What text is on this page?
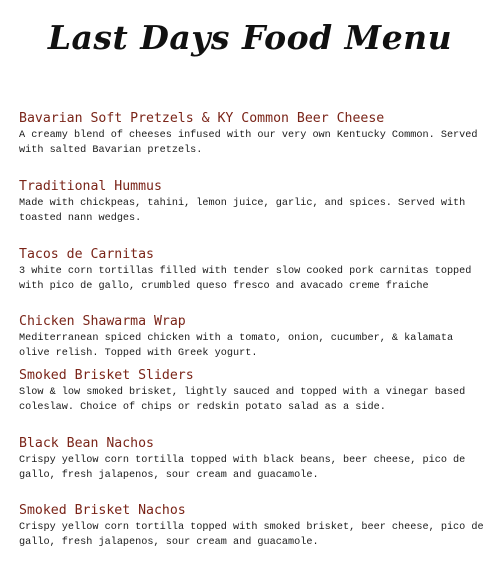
Last Days Food Menu

Bavarian Soft Pretzels & KY Common Beer Cheese

A creamy blend of cheeses infused with our very own Kentucky Common. Served with salted Bavarian pretzels.

Traditional Hummus

Made with chickpeas, tahini, lemon juice, garlic, and spices. Served with toasted nann wedges.

Tacos de Carnitas

3 white corn tortillas filled with tender slow cooked pork carnitas topped with pico de gallo, crumbled queso fresco and avacado creme fraiche

Chicken Shawarma Wrap

Mediterranean spiced chicken with a tomato, onion, cucumber, & kalamata olive relish. Topped with Greek yogurt.

Smoked Brisket Sliders

Slow & low smoked brisket, lightly sauced and topped with a vinegar based coleslaw. Choice of chips or redskin potato salad as a side.

Black Bean Nachos

Crispy yellow corn tortilla topped with black beans, beer cheese, pico de gallo, fresh jalapenos, sour cream and guacamole.

Smoked Brisket Nachos

Crispy yellow corn tortilla topped with smoked brisket, beer cheese, pico de gallo, fresh jalapenos, sour cream and guacamole.
